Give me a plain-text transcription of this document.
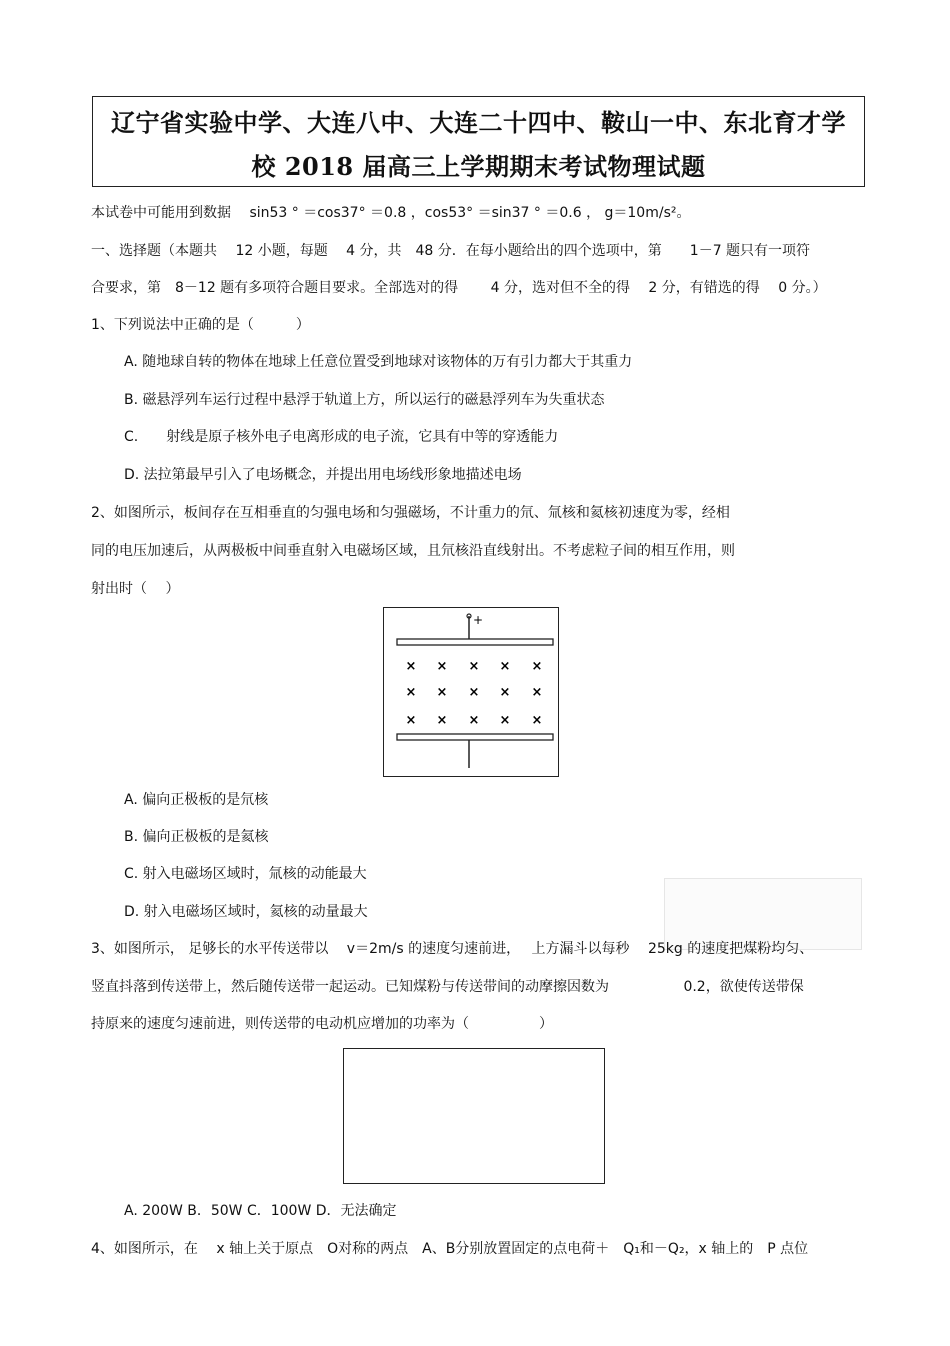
辽宁省实验中学、大连八中、大连二十四中、鞍山一中、东北育才学
校 2018 届高三上学期期末考试物理试题
本试卷中可能用到数据　 sin53 ° ＝cos37° ＝0.8 ，cos53° ＝sin37 ° ＝0.6 ， g＝10m/s²。
一、选择题（本题共　 12 小题，每题　 4 分，共　48 分．在每小题给出的四个选项中，第　　1－7 题只有一项符
合要求，第　8－12 题有多项符合题目要求。全部选对的得　　 4 分，选对但不全的得　 2 分，有错选的得　 0 分。）
1、下列说法中正确的是（　　　）
A. 随地球自转的物体在地球上任意位置受到地球对该物体的万有引力都大于其重力
B. 磁悬浮列车运行过程中悬浮于轨道上方，所以运行的磁悬浮列车为失重状态
C.　　射线是原子核外电子电离形成的电子流，它具有中等的穿透能力
D. 法拉第最早引入了电场概念，并提出用电场线形象地描述电场
2、如图所示，板间存在互相垂直的匀强电场和匀强磁场，不计重力的氘、氚核和氦核初速度为零，经相
同的电压加速后，从两极板中间垂直射入电磁场区域，且氘核沿直线射出。不考虑粒子间的相互作用，则
射出时（　 ）
+
× × × × ×
× × × × ×
× × × × ×
A. 偏向正极板的是氘核
B. 偏向正极板的是氦核
C. 射入电磁场区域时，氚核的动能最大
D. 射入电磁场区域时，氦核的动量最大
3、如图所示， 足够长的水平传送带以　 v＝2m/s 的速度匀速前进，　 上方漏斗以每秒　 25kg 的速度把煤粉均匀、
竖直抖落到传送带上，然后随传送带一起运动。已知煤粉与传送带间的动摩擦因数为　　　　　 0.2，欲使传送带保
持原来的速度匀速前进，则传送带的电动机应增加的功率为（　　　　　）
A. 200W B．50W C．100W D．无法确定
4、如图所示，在　 x 轴上关于原点　O对称的两点　A、B分别放置固定的点电荷＋　Q₁和－Q₂，x 轴上的　P 点位
